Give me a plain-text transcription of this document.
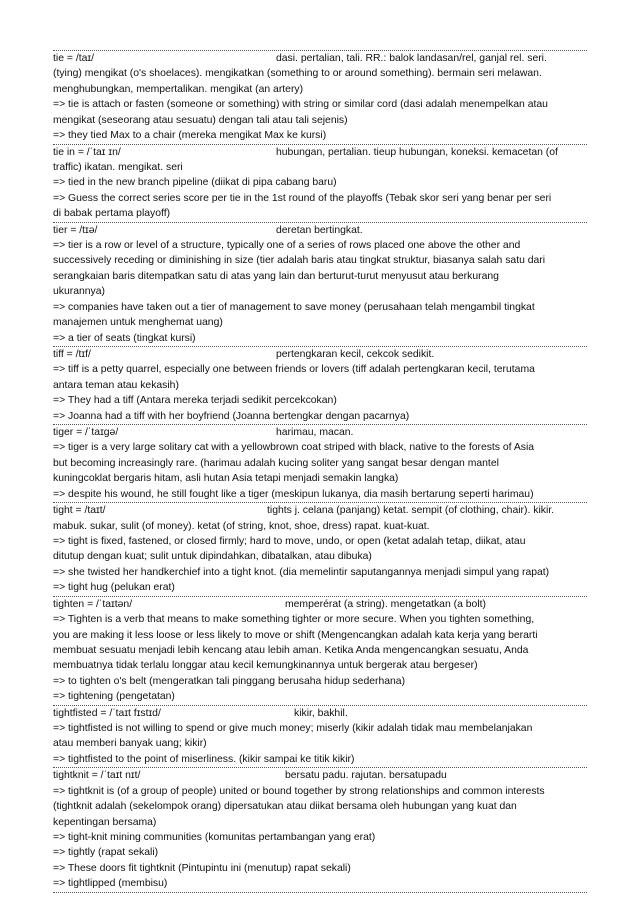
tie = /taɪ/	dasi. pertalian, tali. RR.: balok landasan/rel, ganjal rel. seri.
(tying) mengikat (o's shoelaces). mengikatkan (something to or around something). bermain seri melawan.
menghubungkan, mempertalikan. mengikat (an artery)
=> tie is attach or fasten (someone or something) with string or similar cord (dasi adalah menempelkan atau
mengikat (seseorang atau sesuatu) dengan tali atau tali sejenis)
=> they tied Max to a chair (mereka mengikat Max ke kursi)
tie in = /ˈtaɪ ɪn/	hubungan, pertalian. tieup hubungan, koneksi. kemacetan (of
traffic) ikatan. mengikat. seri
=> tied in the new branch pipeline (diikat di pipa cabang baru)
=> Guess the correct series score per tie in the 1st round of the playoffs (Tebak skor seri yang benar per seri
di babak pertama playoff)
tier = /tɪə/	deretan bertingkat.
=> tier is a row or level of a structure, typically one of a series of rows placed one above the other and
successively receding or diminishing in size (tier adalah baris atau tingkat struktur, biasanya salah satu dari
serangkaian baris ditempatkan satu di atas yang lain dan berturut-turut menyusut atau berkurang
ukurannya)
=> companies have taken out a tier of management to save money (perusahaan telah mengambil tingkat
manajemen untuk menghemat uang)
=> a tier of seats (tingkat kursi)
tiff = /tɪf/	pertengkaran kecil, cekcok sedikit.
=> tiff is a petty quarrel, especially one between friends or lovers (tiff adalah pertengkaran kecil, terutama
antara teman atau kekasih)
=> They had a tiff (Antara mereka terjadi sedikit percekcokan)
=> Joanna had a tiff with her boyfriend (Joanna bertengkar dengan pacarnya)
tiger = /ˈtaɪgə/	harimau, macan.
=> tiger is a very large solitary cat with a yellowbrown coat striped with black, native to the forests of Asia
but becoming increasingly rare. (harimau adalah kucing soliter yang sangat besar dengan mantel
kuningcoklat bergaris hitam, asli hutan Asia tetapi menjadi semakin langka)
=> despite his wound, he still fought like a tiger (meskipun lukanya, dia masih bertarung seperti harimau)
tight = /taɪt/	tights j. celana (panjang) ketat. sempit (of clothing, chair). kikir.
mabuk. sukar, sulit (of money). ketat (of string, knot, shoe, dress) rapat. kuat-kuat.
=> tight is fixed, fastened, or closed firmly; hard to move, undo, or open (ketat adalah tetap, diikat, atau
ditutup dengan kuat; sulit untuk dipindahkan, dibatalkan, atau dibuka)
=> she twisted her handkerchief into a tight knot. (dia memelintir saputangannya menjadi simpul yang rapat)
=> tight hug (pelukan erat)
tighten = /ˈtaɪtən/	memperérat (a string). mengetatkan (a bolt)
=> Tighten is a verb that means to make something tighter or more secure. When you tighten something,
you are making it less loose or less likely to move or shift (Mengencangkan adalah kata kerja yang berarti
membuat sesuatu menjadi lebih kencang atau lebih aman. Ketika Anda mengencangkan sesuatu, Anda
membuatnya tidak terlalu longgar atau kecil kemungkinannya untuk bergerak atau bergeser)
=> to tighten o's belt (mengeratkan tali pinggang berusaha hidup sederhana)
=> tightening (pengetatan)
tightfisted = /ˈtaɪt fɪstɪd/	kikir, bakhil.
=> tightfisted is not willing to spend or give much money; miserly (kikir adalah tidak mau membelanjakan
atau memberi banyak uang; kikir)
=> tightfisted to the point of miserliness. (kikir sampai ke titik kikir)
tightknit = /ˈtaɪt nɪt/	bersatu padu. rajutan. bersatupadu
=> tightknit is (of a group of people) united or bound together by strong relationships and common interests
(tightknit adalah (sekelompok orang) dipersatukan atau diikat bersama oleh hubungan yang kuat dan
kepentingan bersama)
=> tight-knit mining communities (komunitas pertambangan yang erat)
=> tightly (rapat sekali)
=> These doors fit tightknit (Pintupintu ini (menutup) rapat sekali)
=> tightlipped (membisu)
